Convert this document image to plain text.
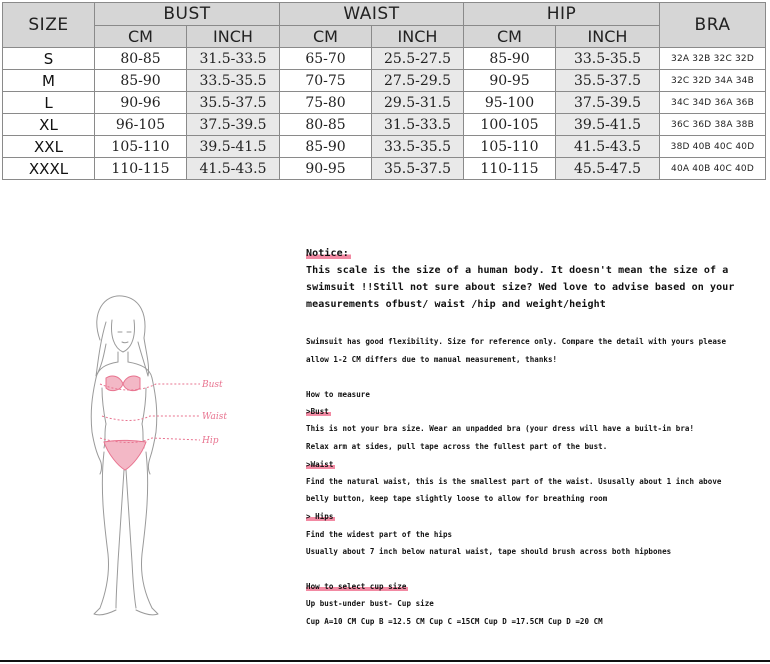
SIZE	BUST		WAIST		HIP		BRA
	CM	INCH	CM	INCH	CM	INCH	
S	80-85	31.5-33.5	65-70	25.5-27.5	85-90	33.5-35.5	32A 32B 32C 32D
M	85-90	33.5-35.5	70-75	27.5-29.5	90-95	35.5-37.5	32C 32D 34A 34B
L	90-96	35.5-37.5	75-80	29.5-31.5	95-100	37.5-39.5	34C 34D 36A 36B
XL	96-105	37.5-39.5	80-85	31.5-33.5	100-105	39.5-41.5	36C 36D 38A 38B
XXL	105-110	39.5-41.5	85-90	33.5-35.5	105-110	41.5-43.5	38D 40B 40C 40D
XXXL	110-115	41.5-43.5	90-95	35.5-37.5	110-115	45.5-47.5	40A 40B 40C 40D
Bust
Waist
Hip
Notice:
This scale is the size of a human body. It doesn't mean the size of a
swimsuit !!Still not sure about size? Wed love to advise based on your
measurements ofbust/ waist /hip and weight/height
Swimsuit has good flexibility. Size for reference only. Compare the detail with yours please
allow 1-2 CM differs due to manual measurement, thanks!
How to measure
>Bust
This is not your bra size. Wear an unpadded bra (your dress will have a built-in bra!
Relax arm at sides, pull tape across the fullest part of the bust.
>Waist
Find the natural waist, this is the smallest part of the waist. Ususally about 1 inch above
belly button, keep tape slightly loose to allow for breathing room
> Hips
Find the widest part of the hips
Usually about 7 inch below natural waist, tape should brush across both hipbones
How to select cup size
Up bust-under bust- Cup size
Cup A=10 CM Cup B =12.5 CM Cup C =15CM Cup D =17.5CM Cup D =20 CM
